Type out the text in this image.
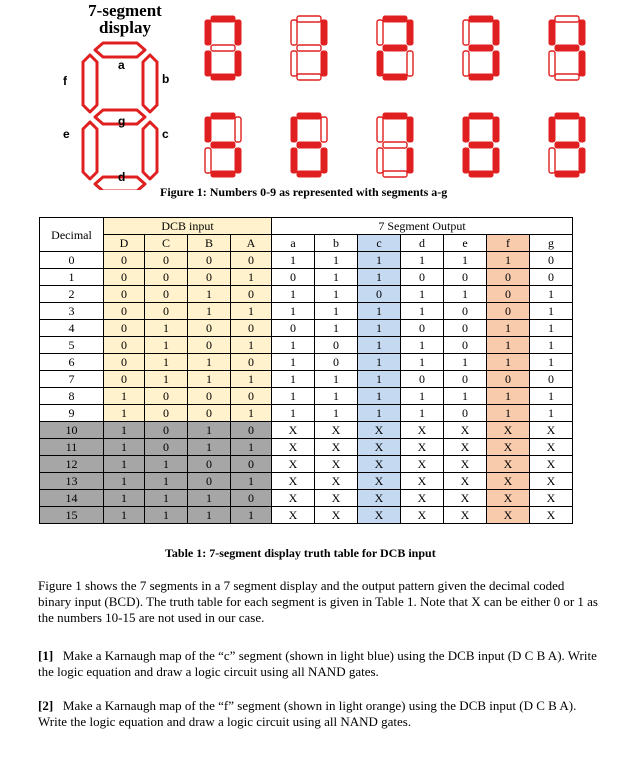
7-segment
display
a
f	b
g
e	c
d
Figure 1: Numbers 0-9 as represented with segments a-g
Decimal	DCB input				7 Segment Output						
	D	C	B	A	a	b	c	d	e	f	g
0	0	0	0	0	1	1	1	1	1	1	0
1	0	0	0	1	0	1	1	0	0	0	0
2	0	0	1	0	1	1	0	1	1	0	1
3	0	0	1	1	1	1	1	1	0	0	1
4	0	1	0	0	0	1	1	0	0	1	1
5	0	1	0	1	1	0	1	1	0	1	1
6	0	1	1	0	1	0	1	1	1	1	1
7	0	1	1	1	1	1	1	0	0	0	0
8	1	0	0	0	1	1	1	1	1	1	1
9	1	0	0	1	1	1	1	1	0	1	1
10	1	0	1	0	X	X	X	X	X	X	X
11	1	0	1	1	X	X	X	X	X	X	X
12	1	1	0	0	X	X	X	X	X	X	X
13	1	1	0	1	X	X	X	X	X	X	X
14	1	1	1	0	X	X	X	X	X	X	X
15	1	1	1	1	X	X	X	X	X	X	X
Table 1: 7-segment display truth table for DCB input
Figure 1 shows the 7 segments in a 7 segment display and the output pattern given the decimal coded binary input (BCD). The truth table for each segment is given in Table 1. Note that X can be either 0 or 1 as the numbers 10-15 are not used in our case.
[1] Make a Karnaugh map of the “c” segment (shown in light blue) using the DCB input (D C B A). Write the logic equation and draw a logic circuit using all NAND gates.
[2] Make a Karnaugh map of the “f” segment (shown in light orange) using the DCB input (D C B A). Write the logic equation and draw a logic circuit using all NAND gates.
